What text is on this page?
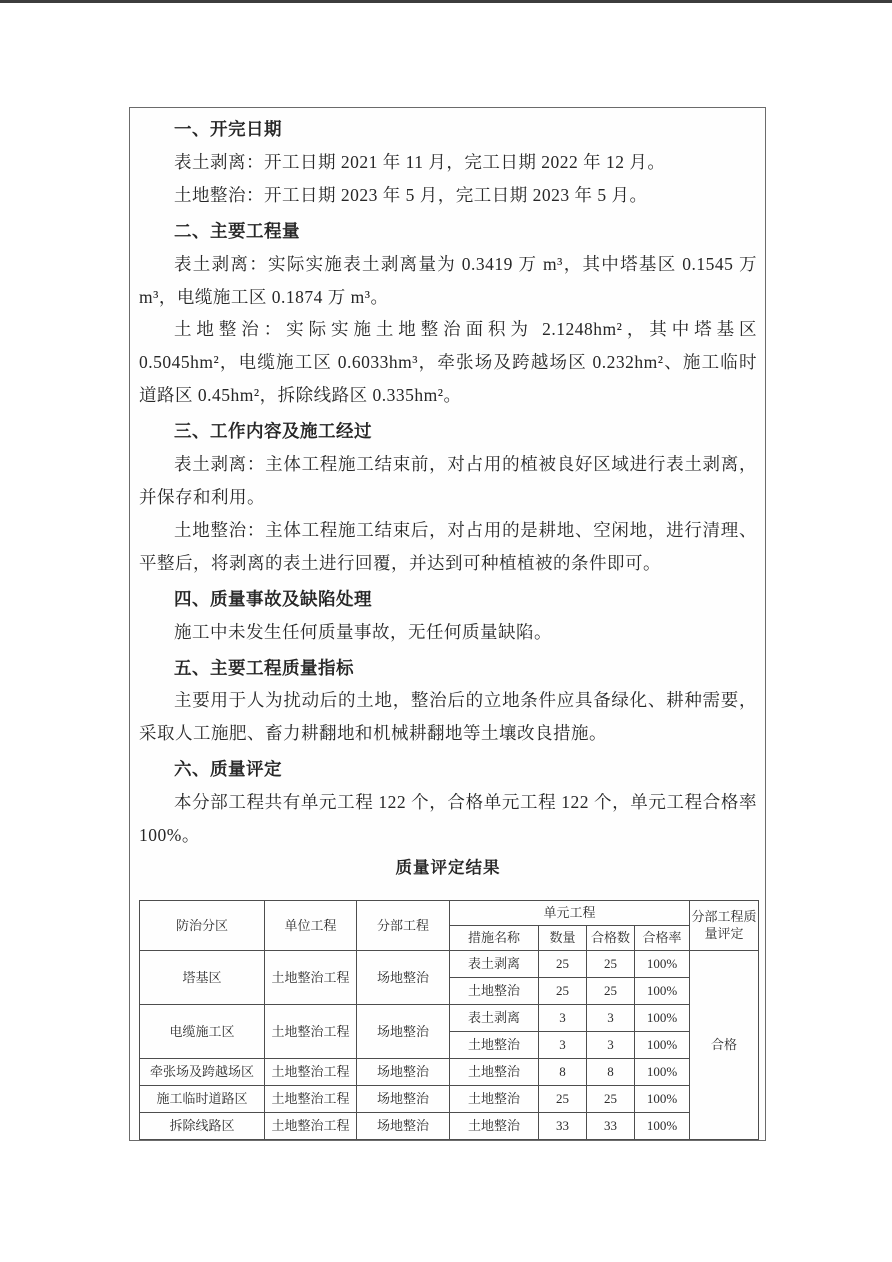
一、开完日期

表土剥离：开工日期 2021 年 11 月，完工日期 2022 年 12 月。

土地整治：开工日期 2023 年 5 月，完工日期 2023 年 5 月。

二、主要工程量

表土剥离：实际实施表土剥离量为 0.3419 万 m³，其中塔基区 0.1545 万 m³，电缆施工区 0.1874 万 m³。

土地整治：实际实施土地整治面积为 2.1248hm²，其中塔基区 0.5045hm²，电缆施工区 0.6033hm³，牵张场及跨越场区 0.232hm²、施工临时道路区 0.45hm²，拆除线路区 0.335hm²。

三、工作内容及施工经过

表土剥离：主体工程施工结束前，对占用的植被良好区域进行表土剥离，并保存和利用。

土地整治：主体工程施工结束后，对占用的是耕地、空闲地，进行清理、平整后，将剥离的表土进行回覆，并达到可种植植被的条件即可。

四、质量事故及缺陷处理

施工中未发生任何质量事故，无任何质量缺陷。

五、主要工程质量指标

主要用于人为扰动后的土地，整治后的立地条件应具备绿化、耕种需要，采取人工施肥、畜力耕翻地和机械耕翻地等土壤改良措施。

六、质量评定

本分部工程共有单元工程 122 个，合格单元工程 122 个，单元工程合格率 100%。

质量评定结果

防治分区	单位工程	分部工程	单元工程				分部工程质量评定
			措施名称	数量	合格数	合格率	
塔基区	土地整治工程	场地整治	表土剥离	25	25	100%	合格
			土地整治	25	25	100%	
电缆施工区	土地整治工程	场地整治	表土剥离	3	3	100%	
			土地整治	3	3	100%	
牵张场及跨越场区	土地整治工程	场地整治	土地整治	8	8	100%	
施工临时道路区	土地整治工程	场地整治	土地整治	25	25	100%	
拆除线路区	土地整治工程	场地整治	土地整治	33	33	100%	
